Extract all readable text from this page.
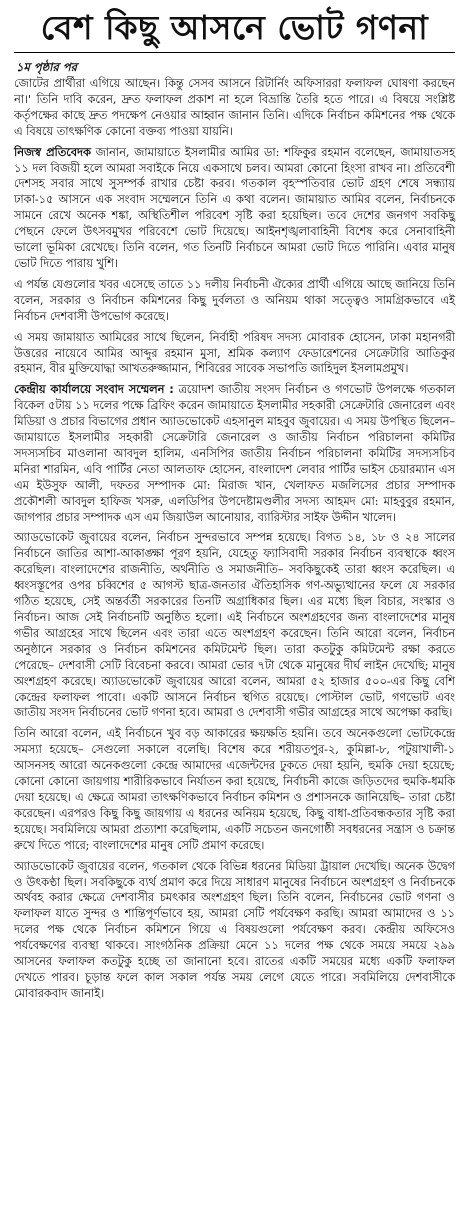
বেশ কিছু আসনে ভোট গণনা
১ম পৃষ্ঠার পর

জোটের প্রার্থীরা এগিয়ে আছেন। কিন্তু সেসব আসনে রিটার্নিং অফিসাররা ফলাফল ঘোষণা করছেন না।' তিনি দাবি করেন, দ্রুত ফলাফল প্রকাশ না হলে বিভ্রান্তি তৈরি হতে পারে। এ বিষয়ে সংশ্লিষ্ট কর্তৃপক্ষের কাছে দ্রুত পদক্ষেপ নেওয়ার আহ্বান জানান তিনি। এদিকে নির্বাচন কমিশনের পক্ষ থেকে এ বিষয়ে তাৎক্ষণিক কোনো বক্তব্য পাওয়া যায়নি।

নিজস্ব প্রতিবেদক জানান, জামায়াতে ইসলামীর আমির ডা: শফিকুর রহমান বলেছেন, জামায়াতসহ ১১ দল বিজয়ী হলে আমরা সবাইকে নিয়ে একসাথে চলব। আমরা কোনো হিংসা রাখব না। প্রতিবেশী দেশসহ সবার সাথে সুসম্পর্ক রাখার চেষ্টা করব। গতকাল বৃহস্পতিবার ভোট গ্রহণ শেষে সন্ধ্যায় ঢাকা-১৫ আসনে এক সংবাদ সম্মেলনে তিনি এ কথা বলেন। জামায়াত আমির বলেন, নির্বাচনকে সামনে রেখে অনেক শঙ্কা, অস্থিতিশীল পরিবেশ সৃষ্টি করা হয়েছিল। তবে দেশের জনগণ সবকিছু পেছনে ফেলে উৎসবমুখর পরিবেশে ভোট দিয়েছে। আইনশৃঙ্খলাবাহিনী বিশেষ করে সেনাবাহিনী ভালো ভূমিকা রেখেছে। তিনি বলেন, গত তিনটি নির্বাচনে আমরা ভোট দিতে পারিনি। এবার মানুষ ভোট দিতে পারায় খুশি।

এ পর্যন্ত যেগুলোর খবর এসেছে তাতে ১১ দলীয় নির্বাচনী ঐক্যের প্রার্থী এগিয়ে আছে জানিয়ে তিনি বলেন, সরকার ও নির্বাচন কমিশনের কিছু দুর্বলতা ও অনিয়ম থাকা সত্ত্বেও সামগ্রিকভাবে এই নির্বাচন দেশবাসী উপভোগ করেছে।

এ সময় জামায়াত আমিরের সাথে ছিলেন, নির্বাহী পরিষদ সদস্য মোবারক হোসেন, ঢাকা মহানগরী উত্তরের নায়েবে আমির আব্দুর রহমান মুসা, শ্রমিক কল্যাণ ফেডারেশনের সেক্রেটারি আতিকুর রহমান, বীর মুক্তিযোদ্ধা আখতরুজ্জামান, শিবিরের সাবেক সভাপতি জাহিদুল ইসলামপ্রমুখ।

কেন্দ্রীয় কার্যালয়ে সংবাদ সম্মেলন : ত্রয়োদশ জাতীয় সংসদ নির্বাচন ও গণভোট উপলক্ষে গতকাল বিকেল ৫টায় ১১ দলের পক্ষে ব্রিফিং করেন জামায়াতে ইসলামীর সহকারী সেক্রেটারি জেনারেল এবং মিডিয়া ও প্রচার বিভাগের প্রধান অ্যাডভোকেট এহসানুল মাহবুব জুবায়ের। এ সময় উপস্থিত ছিলেন– জামায়াতে ইসলামীর সহকারী সেক্রেটারি জেনারেল ও জাতীয় নির্বাচন পরিচালনা কমিটির সদস্যসচিব মাওলানা আবদুল হালিম, এনসিপির জাতীয় নির্বাচন পরিচালনা কমিটির সদস্যসচিব মনিরা শারমিন, এবি পার্টির নেতা আলতাফ হোসেন, বাংলাদেশ লেবার পার্টির ভাইস চেয়ারম্যান এস এম ইউসুফ আলী, দফতর সম্পাদক মো: মিরাজ খান, খেলাফত মজলিসের প্রচার সম্পাদক প্রকৌশলী আবদুল হাফিজ খসরু, এলডিপির উপদেষ্টামণ্ডলীর সদস্য আহমদ মো: মাহবুবুর রহমান, জাগপার প্রচার সম্পাদক এস এম জিয়াউল আনোয়ার, ব্যারিস্টার সাইফ উদ্দীন খালেদ।

অ্যাডভোকেট জুবায়ের বলেন, নির্বাচন সুন্দরভাবে সম্পন্ন হয়েছে। বিগত ১৪, ১৮ ও ২৪ সালের নির্বাচনে জাতির আশা-আকাঙ্ক্ষা পূরণ হয়নি, যেহেতু ফ্যাসিবাদী সরকার নির্বাচন ব্যবস্থাকে ধ্বংস করেছিল। বাংলাদেশের রাজনীতি, অর্থনীতি ও সমাজনীতি– সবকিছুকেই তারা ধ্বংস করেছিল। এ ধ্বংসস্তূপের ওপর চব্বিশের ৫ আগস্ট ছাত্র-জনতার ঐতিহাসিক গণ-অভ্যুত্থানের ফলে যে সরকার গঠিত হয়েছে, সেই অন্তর্বর্তী সরকারের তিনটি অগ্রাধিকার ছিল। এর মধ্যে ছিল বিচার, সংস্কার ও নির্বাচন। আজ সেই নির্বাচনটি অনুষ্ঠিত হলো। এই নির্বাচনে অংশগ্রহণের জন্য বাংলাদেশের মানুষ গভীর আগ্রহের সাথে ছিলেন এবং তারা এতে অংশগ্রহণ করেছেন। তিনি আরো বলেন, নির্বাচন অনুষ্ঠানে সরকার ও নির্বাচন কমিশনের কমিটমেন্ট ছিল। তারা কতটুকু কমিটমেন্ট রক্ষা করতে পেরেছে– দেশবাসী সেটি বিবেচনা করবে। আমরা ভোর ৭টা থেকে মানুষের দীর্ঘ লাইন দেখেছি; মানুষ অংশগ্রহণ করেছে। অ্যাডভোকেট জুবায়ের আরো বলেন, আমরা ৫২ হাজার ৫০০-এর কিছু বেশি কেন্দ্রের ফলাফল পাবো। একটি আসনে নির্বাচন স্থগিত রয়েছে। পোস্টাল ভোট, গণভোট এবং জাতীয় সংসদ নির্বাচনের ভোট গণনা হবে। আমরা ও দেশবাসী গভীর আগ্রহের সাথে অপেক্ষা করছি।

তিনি আরো বলেন, এই নির্বাচনে খুব বড় আকারের ক্ষয়ক্ষতি হয়নি। তবে অনেকগুলো ভোটকেন্দ্রে সমস্যা হয়েছে– সেগুলো সকালে বলেছি। বিশেষ করে শরীয়তপুর-২, কুমিল্লা-৮, পটুয়াখালী-১ আসনসহ আরো অনেকগুলো কেন্দ্রে আমাদের এজেন্টদের ঢুকতে দেয়া হয়নি, হুমকি দেয়া হয়েছে; কোনো কোনো জায়গায় শারীরিকভাবে নির্যাতন করা হয়েছে, নির্বাচনী কাজে জড়িতদের হুমকি-ধমকি দেয়া হয়েছে। এ ক্ষেত্রে আমরা তাৎক্ষণিকভাবে নির্বাচন কমিশন ও প্রশাসনকে জানিয়েছি– তারা চেষ্টা করেছেন। এরপরও কিছু কিছু জায়গায় এ ধরনের অনিয়ম হয়েছে, কিছু বাধা-প্রতিবন্ধকতার সৃষ্টি করা হয়েছে। সবমিলিয়ে আমরা প্রত্যাশা করেছিলাম, একটি সচেতন জনগোষ্ঠী সবধরনের সন্ত্রাস ও চক্রান্ত রুখে দিতে পারে; বাংলাদেশের মানুষ সেটি প্রমাণ করেছে।

অ্যাডভোকেট জুবায়ের বলেন, গতকাল থেকে বিভিন্ন ধরনের মিডিয়া ট্রায়াল দেখেছি। অনেক উদ্বেগ ও উৎকণ্ঠা ছিল। সবকিছুকে ব্যর্থ প্রমাণ করে দিয়ে সাধারণ মানুষের নির্বাচনে অংশগ্রহণ ও নির্বাচনকে অর্থবহ করার ক্ষেত্রে দেশবাসীর চমৎকার অংশগ্রহণ ছিল। তিনি বলেন, নির্বাচনের ভোট গণনা ও ফলাফল যাতে সুন্দর ও শান্তিপূর্ণভাবে হয়, আমরা সেটি পর্যবেক্ষণ করছি। আমরা আমাদের ও ১১ দলের পক্ষ থেকে নির্বাচন কমিশনে গিয়ে এ বিষয়গুলো পর্যবেক্ষণ করব। কেন্দ্রীয় অফিসেও পর্যবেক্ষণের ব্যবস্থা থাকবে। সাংগঠনিক প্রক্রিয়া মেনে ১১ দলের পক্ষ থেকে সময়ে সময়ে ২৯৯ আসনের ফলাফল কতটুকু হচ্ছে তা জানানো হবে। রাতের একটি সময়ের মধ্যে একটি ফলাফল দেখতে পারব। চূড়ান্ত ফলে কাল সকাল পর্যন্ত সময় লেগে যেতে পারে। সবমিলিয়ে দেশবাসীকে মোবারকবাদ জানাই।
